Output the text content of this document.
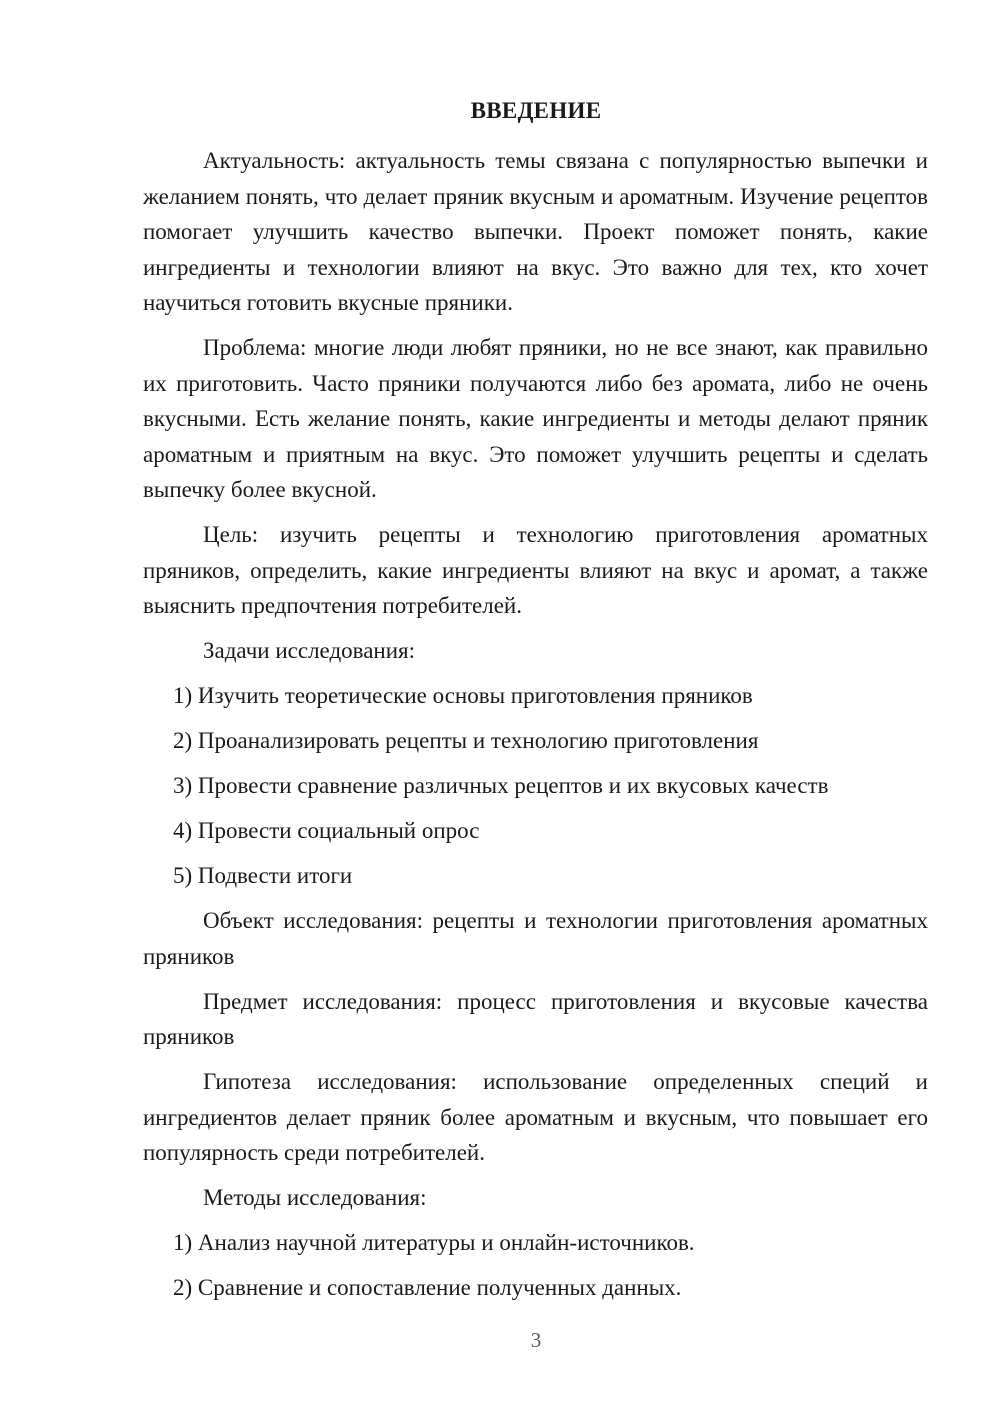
ВВЕДЕНИЕ

Актуальность: актуальность темы связана с популярностью выпечки и желанием понять, что делает пряник вкусным и ароматным. Изучение рецептов помогает улучшить качество выпечки. Проект поможет понять, какие ингредиенты и технологии влияют на вкус. Это важно для тех, кто хочет научиться готовить вкусные пряники.

Проблема: многие люди любят пряники, но не все знают, как правильно их приготовить. Часто пряники получаются либо без аромата, либо не очень вкусными. Есть желание понять, какие ингредиенты и методы делают пряник ароматным и приятным на вкус. Это поможет улучшить рецепты и сделать выпечку более вкусной.

Цель: изучить рецепты и технологию приготовления ароматных пряников, определить, какие ингредиенты влияют на вкус и аромат, а также выяснить предпочтения потребителей.

Задачи исследования:

1) Изучить теоретические основы приготовления пряников

2) Проанализировать рецепты и технологию приготовления

3) Провести сравнение различных рецептов и их вкусовых качеств

4) Провести социальный опрос

5) Подвести итоги

Объект исследования: рецепты и технологии приготовления ароматных пряников

Предмет исследования: процесс приготовления и вкусовые качества пряников

Гипотеза исследования: использование определенных специй и ингредиентов делает пряник более ароматным и вкусным, что повышает его популярность среди потребителей.

Методы исследования:

1) Анализ научной литературы и онлайн-источников.

2) Сравнение и сопоставление полученных данных.

3
